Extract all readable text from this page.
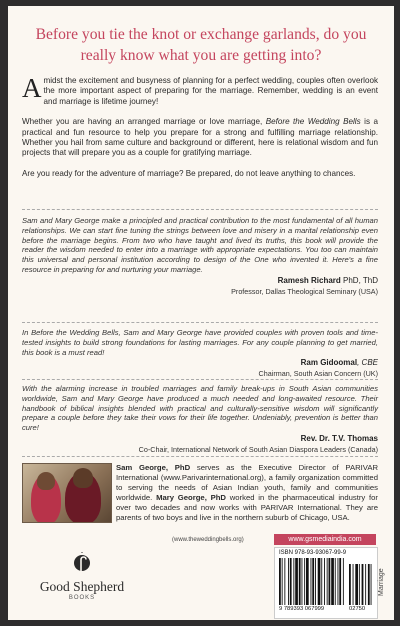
Before you tie the knot or exchange garlands, do you really know what you are getting into?

Amidst the excitement and busyness of planning for a perfect wedding, couples often overlook the more important aspect of preparing for the marriage. Remember, wedding is an event and marriage is lifetime journey!

Whether you are having an arranged marriage or love marriage, Before the Wedding Bells is a practical and fun resource to help you prepare for a strong and fulfilling marriage relationship. Whether you hail from same culture and background or different, here is relational wisdom and fun projects that will prepare you as a couple for gratifying marriage.

Are you ready for the adventure of marriage? Be prepared, do not leave anything to chances.

Sam and Mary George make a principled and practical contribution to the most fundamental of all human relationships. We can start fine tuning the strings between love and misery in a marital relationship even before the marriage begins. From two who have taught and lived its truths, this book will provide the reader the wisdom needed to enter into a marriage with appropriate expectations. You too can maintain this universal and personal institution according to design of the One who invented it. Here's a fine resource in preparing for and nurturing your marriage.

Ramesh Richard PhD, ThD
Professor, Dallas Theological Seminary (USA)

In Before the Wedding Bells, Sam and Mary George have provided couples with proven tools and time-tested insights to build strong foundations for lasting marriages. For any couple planning to get married, this book is a must read!

Ram Gidoomal, CBE
Chairman, South Asian Concern (UK)

With the alarming increase in troubled marriages and family break-ups in South Asian communities worldwide, Sam and Mary George have produced a much needed and long-awaited resource. Their handbook of biblical insights blended with practical and culturally-sensitive wisdom will significantly prepare a couple before they take their vows for their life together. Undeniably, prevention is better than cure!

Rev. Dr. T.V. Thomas
Co-Chair, International Network of South Asian Diaspora Leaders (Canada)

Sam George, PhD serves as the Executive Director of PARIVAR International (www.Parivarinternational.org), a family organization committed to serving the needs of Asian Indian youth, family and communities worldwide. Mary George, PhD worked in the pharmaceutical industry for over two decades and now works with PARIVAR International. They are parents of two boys and live in the northern suburb of Chicago, USA.

(www.theweddingbells.org)
Good Shepherd
BOOKS
www.gsmediaindia.com
ISBN 978-93-93067-99-9
9 789393 067999	02750
Marriage
